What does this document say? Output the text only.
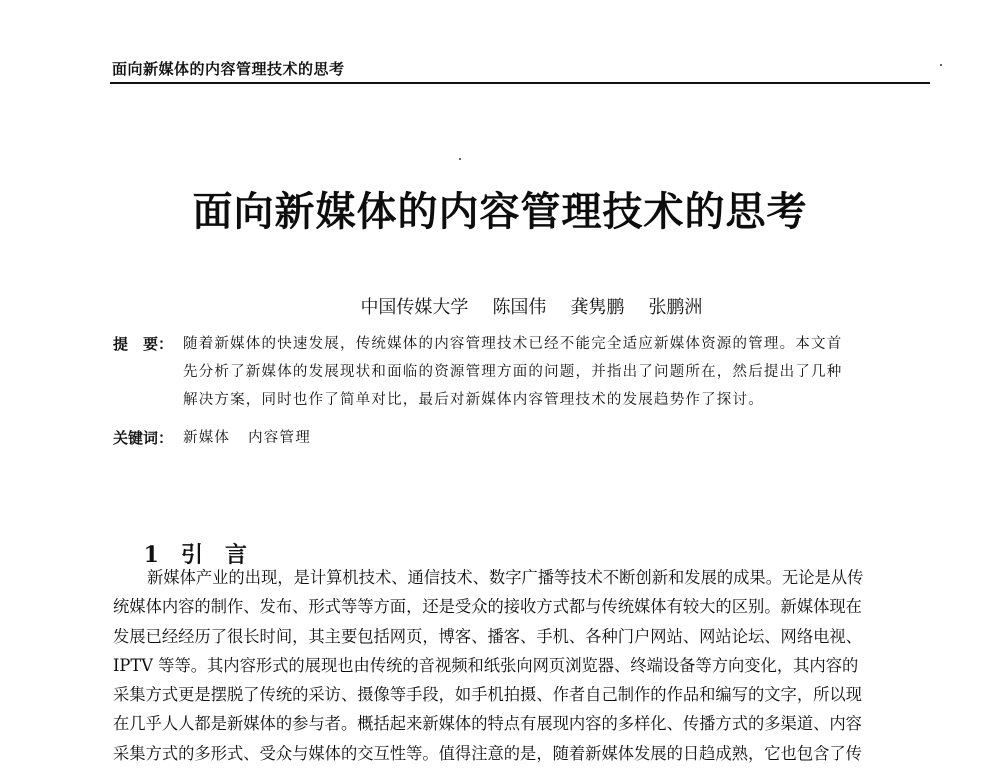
面向新媒体的内容管理技术的思考
面向新媒体的内容管理技术的思考

中国传媒大学 陈国伟 龚隽鹏 张鹏洲

提　要： 随着新媒体的快速发展，传统媒体的内容管理技术已经不能完全适应新媒体资源的管理。本文首
先分析了新媒体的发展现状和面临的资源管理方面的问题，并指出了问题所在，然后提出了几种
解决方案，同时也作了简单对比，最后对新媒体内容管理技术的发展趋势作了探讨。
关键词： 新媒体 内容管理

1 引言

新媒体产业的出现，是计算机技术、通信技术、数字广播等技术不断创新和发展的成果。无论是从传
统媒体内容的制作、发布、形式等等方面，还是受众的接收方式都与传统媒体有较大的区别。新媒体现在
发展已经经历了很长时间，其主要包括网页，博客、播客、手机、各种门户网站、网站论坛、网络电视、
IPTV 等等。其内容形式的展现也由传统的音视频和纸张向网页浏览器、终端设备等方向变化，其内容的
采集方式更是摆脱了传统的采访、摄像等手段，如手机拍摄、作者自己制作的作品和编写的文字，所以现
在几乎人人都是新媒体的参与者。概括起来新媒体的特点有展现内容的多样化、传播方式的多渠道、内容
采集方式的多形式、受众与媒体的交互性等。值得注意的是，随着新媒体发展的日趋成熟，它也包含了传
